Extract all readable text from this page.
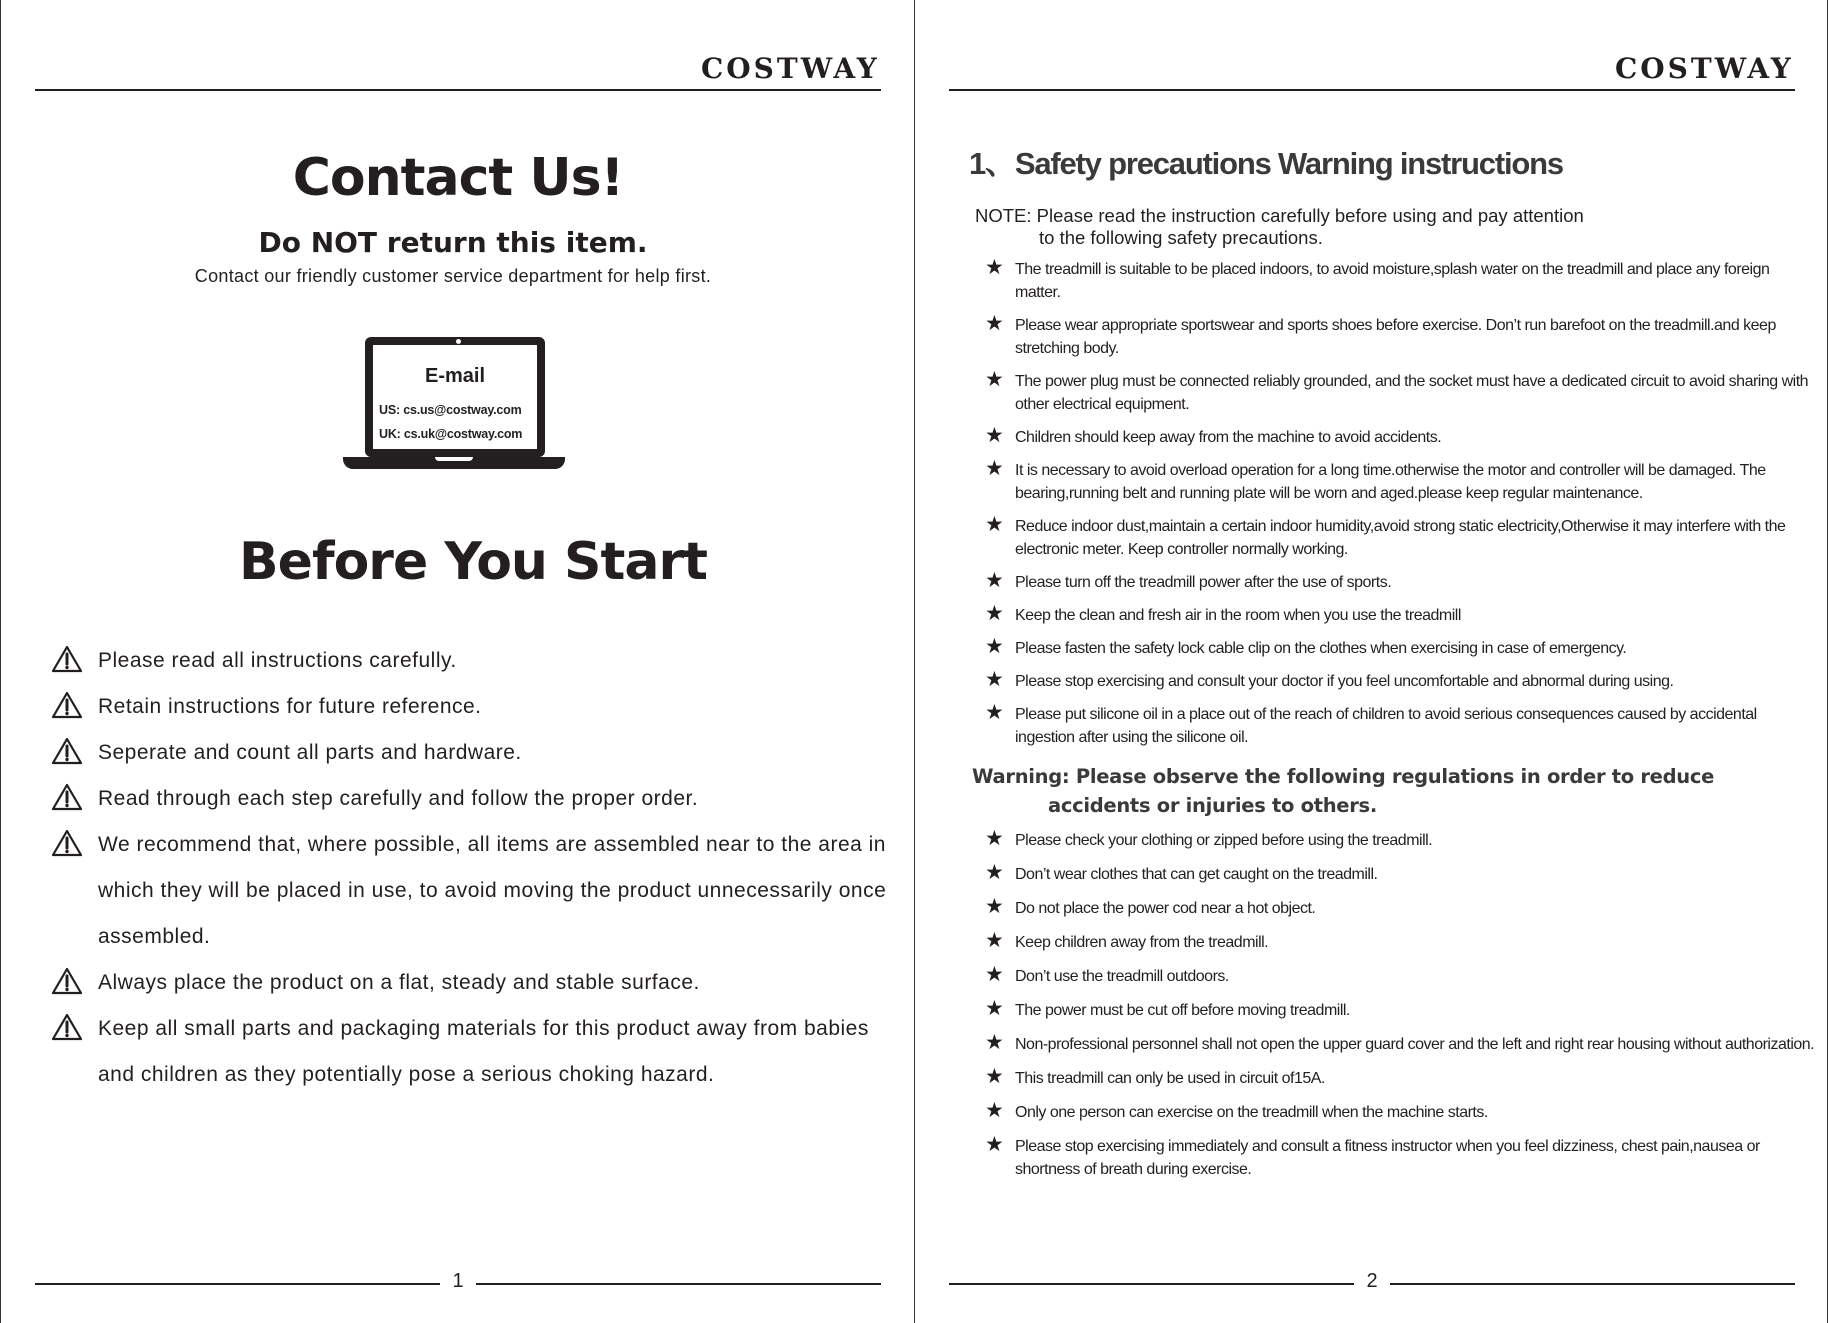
COSTWAY
Contact Us!
Do NOT return this item.
Contact our friendly customer service department for help first.
E-mail
US: cs.us@costway.com
UK: cs.uk@costway.com
Before You Start
Please read all instructions carefully.
Retain instructions for future reference.
Seperate and count all parts and hardware.
Read through each step carefully and follow the proper order.
We recommend that, where possible, all items are assembled near to the area in which they will be placed in use, to avoid moving the product unnecessarily once assembled.
Always place the product on a flat, steady and stable surface.
Keep all small parts and packaging materials for this product away from babies and children as they potentially pose a serious choking hazard.
1
COSTWAY
1、Safety precautions Warning instructions
NOTE: Please read the instruction carefully before using and pay attention
to the following safety precautions.
★ The treadmill is suitable to be placed indoors, to avoid moisture,splash water on the treadmill and place any foreign matter.
★ Please wear appropriate sportswear and sports shoes before exercise. Don’t run barefoot on the treadmill.and keep stretching body.
★ The power plug must be connected reliably grounded, and the socket must have a dedicated circuit to avoid sharing with other electrical equipment.
★ Children should keep away from the machine to avoid accidents.
★ It is necessary to avoid overload operation for a long time.otherwise the motor and controller will be damaged. The bearing,running belt and running plate will be worn and aged.please keep regular maintenance.
★ Reduce indoor dust,maintain a certain indoor humidity,avoid strong static electricity,Otherwise it may interfere with the electronic meter. Keep controller normally working.
★ Please turn off the treadmill power after the use of sports.
★ Keep the clean and fresh air in the room when you use the treadmill
★ Please fasten the safety lock cable clip on the clothes when exercising in case of emergency.
★ Please stop exercising and consult your doctor if you feel uncomfortable and abnormal during using.
★ Please put silicone oil in a place out of the reach of children to avoid serious consequences caused by accidental ingestion after using the silicone oil.
Warning: Please observe the following regulations in order to reduce
accidents or injuries to others.
★ Please check your clothing or zipped before using the treadmill.
★ Don’t wear clothes that can get caught on the treadmill.
★ Do not place the power cod near a hot object.
★ Keep children away from the treadmill.
★ Don’t use the treadmill outdoors.
★ The power must be cut off before moving treadmill.
★ Non-professional personnel shall not open the upper guard cover and the left and right rear housing without authorization.
★ This treadmill can only be used in circuit of15A.
★ Only one person can exercise on the treadmill when the machine starts.
★ Please stop exercising immediately and consult a fitness instructor when you feel dizziness, chest pain,nausea or shortness of breath during exercise.
2
